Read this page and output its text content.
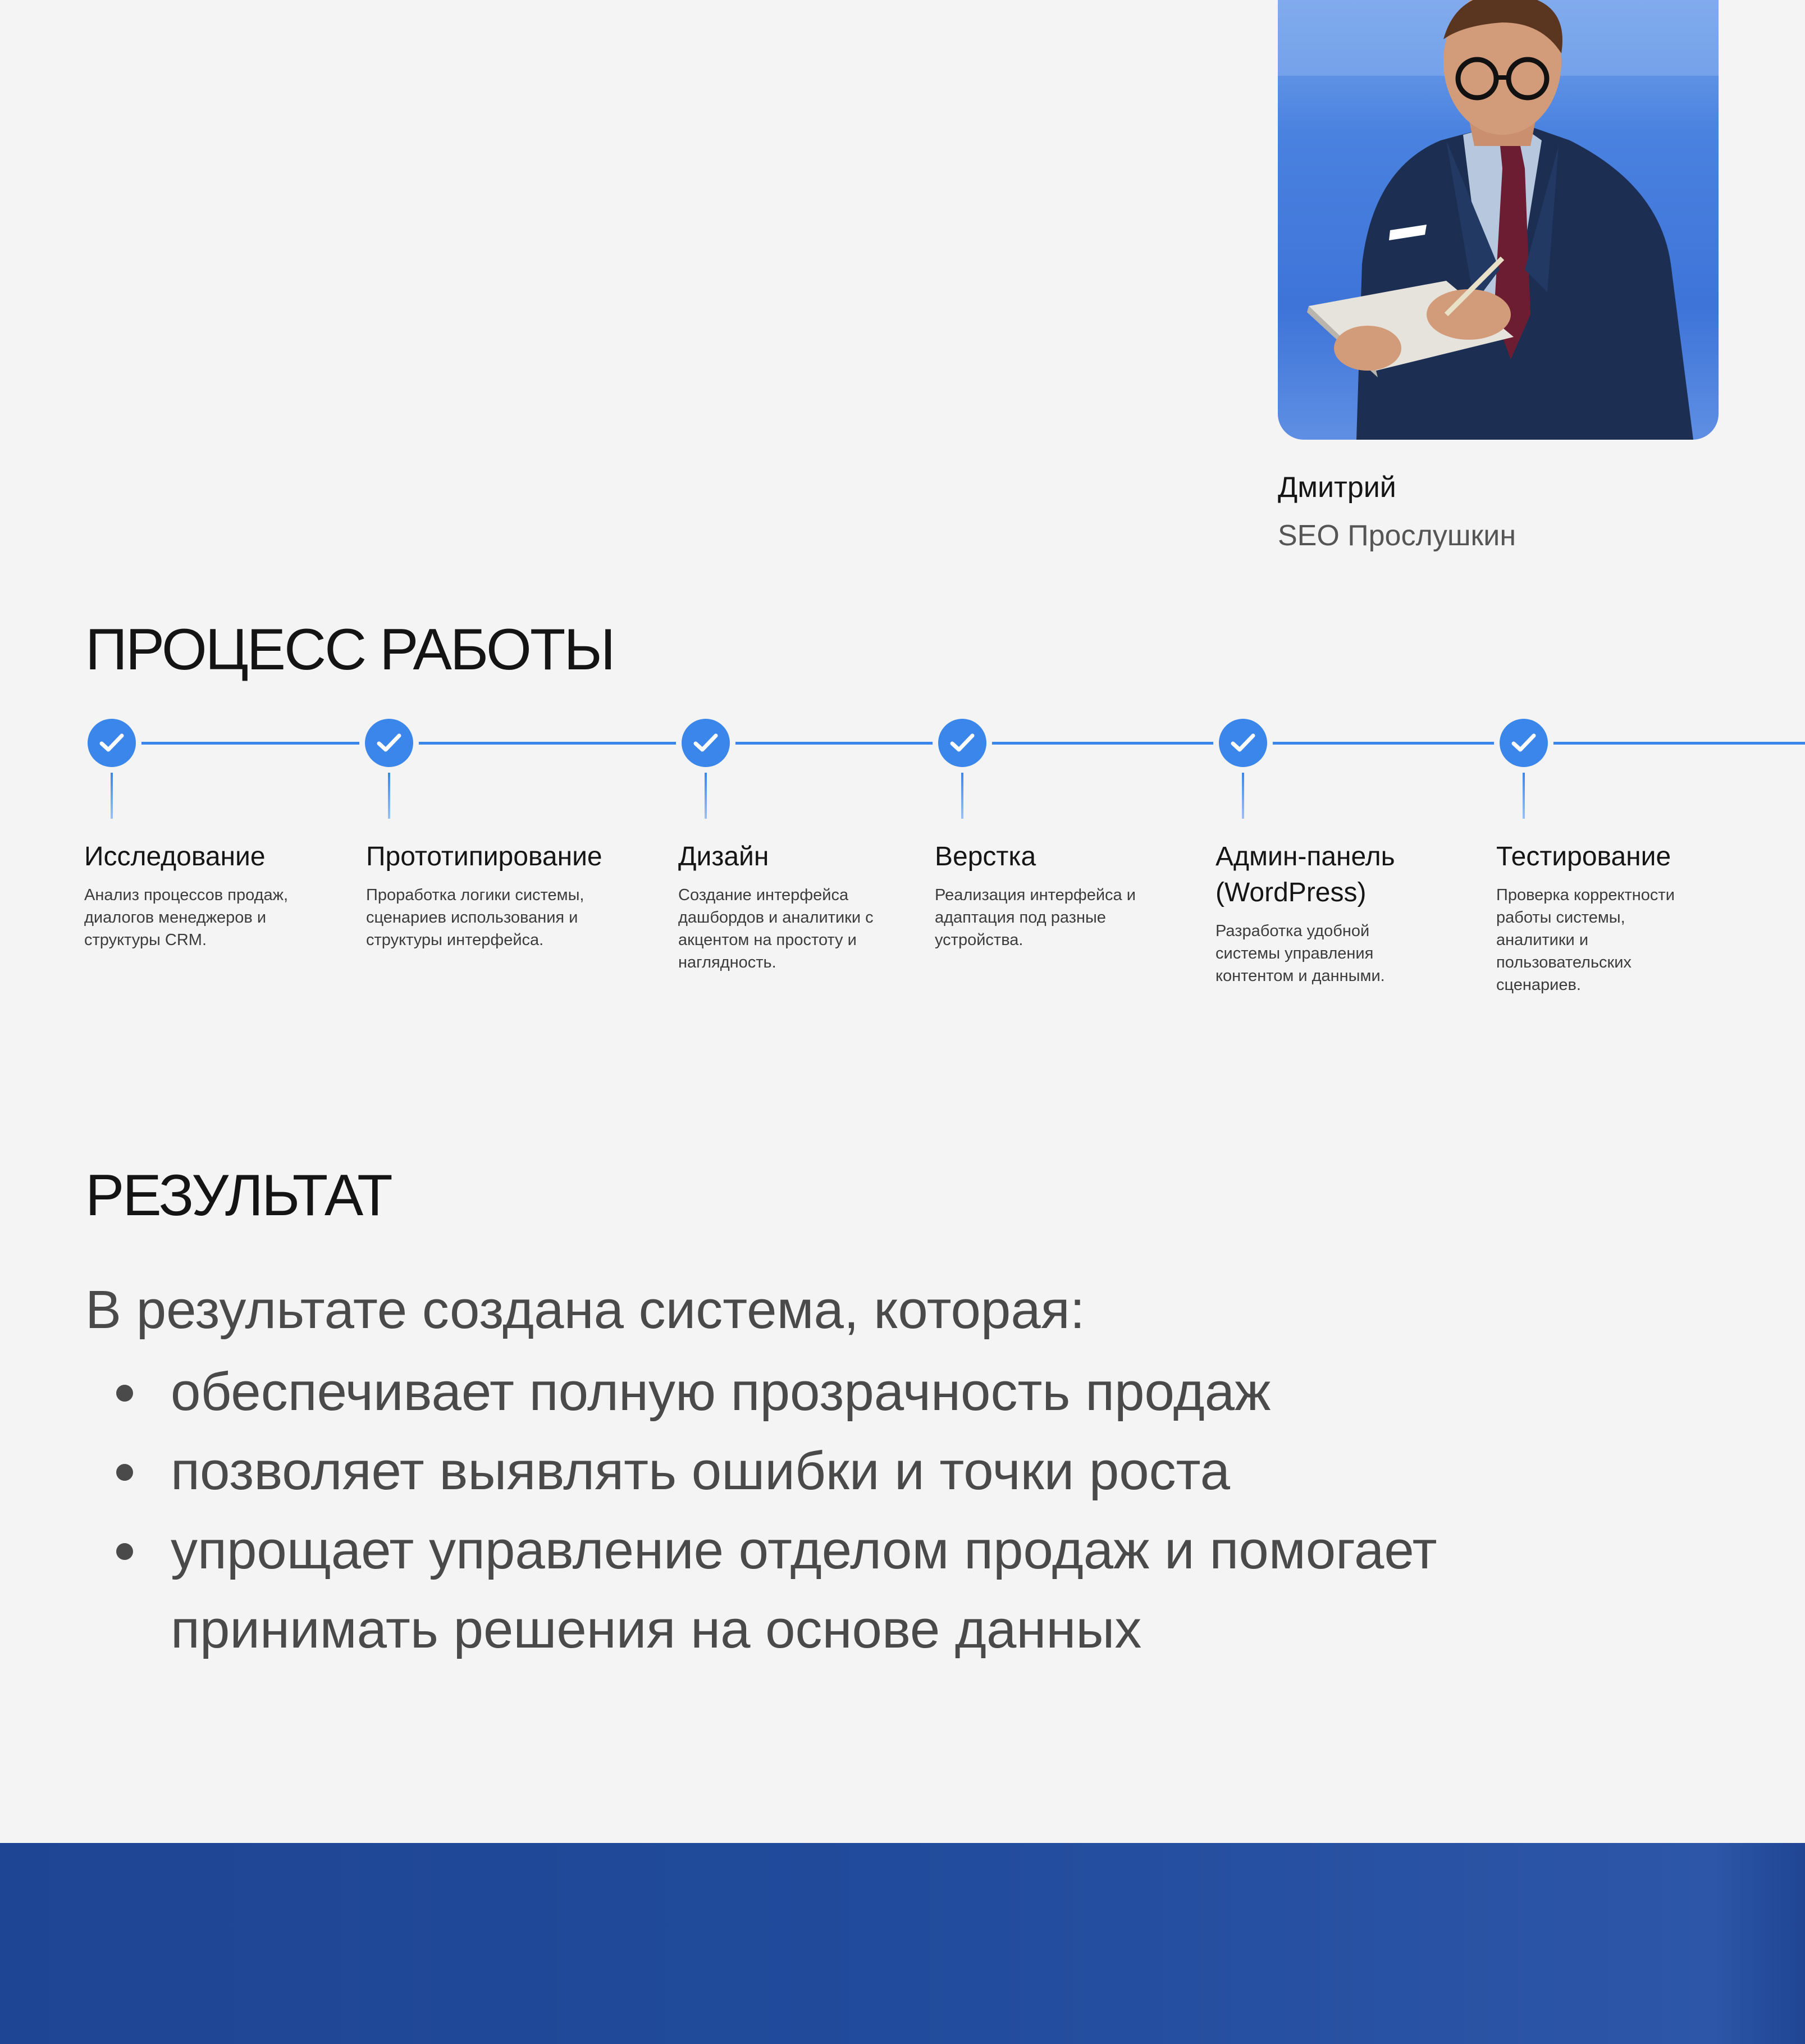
Дмитрий
SEO Прослушкин
ПРОЦЕСС РАБОТЫ
Исследование
Анализ процессов продаж, диалогов менеджеров и структуры CRM.
Прототипирование
Проработка логики системы, сценариев использования и структуры интерфейса.
Дизайн
Создание интерфейса дашбордов и аналитики с акцентом на простоту и наглядность.
Верстка
Реализация интерфейса и адаптация под разные устройства.
Админ-панель (WordPress)
Разработка удобной системы управления контентом и данными.
Тестирование
Проверка корректности работы системы, аналитики и пользовательских сценариев.
РЕЗУЛЬТАТ
В результате создана система, которая:
обеспечивает полную прозрачность продаж
позволяет выявлять ошибки и точки роста
упрощает управление отделом продаж и помогает принимать решения на основе данных
